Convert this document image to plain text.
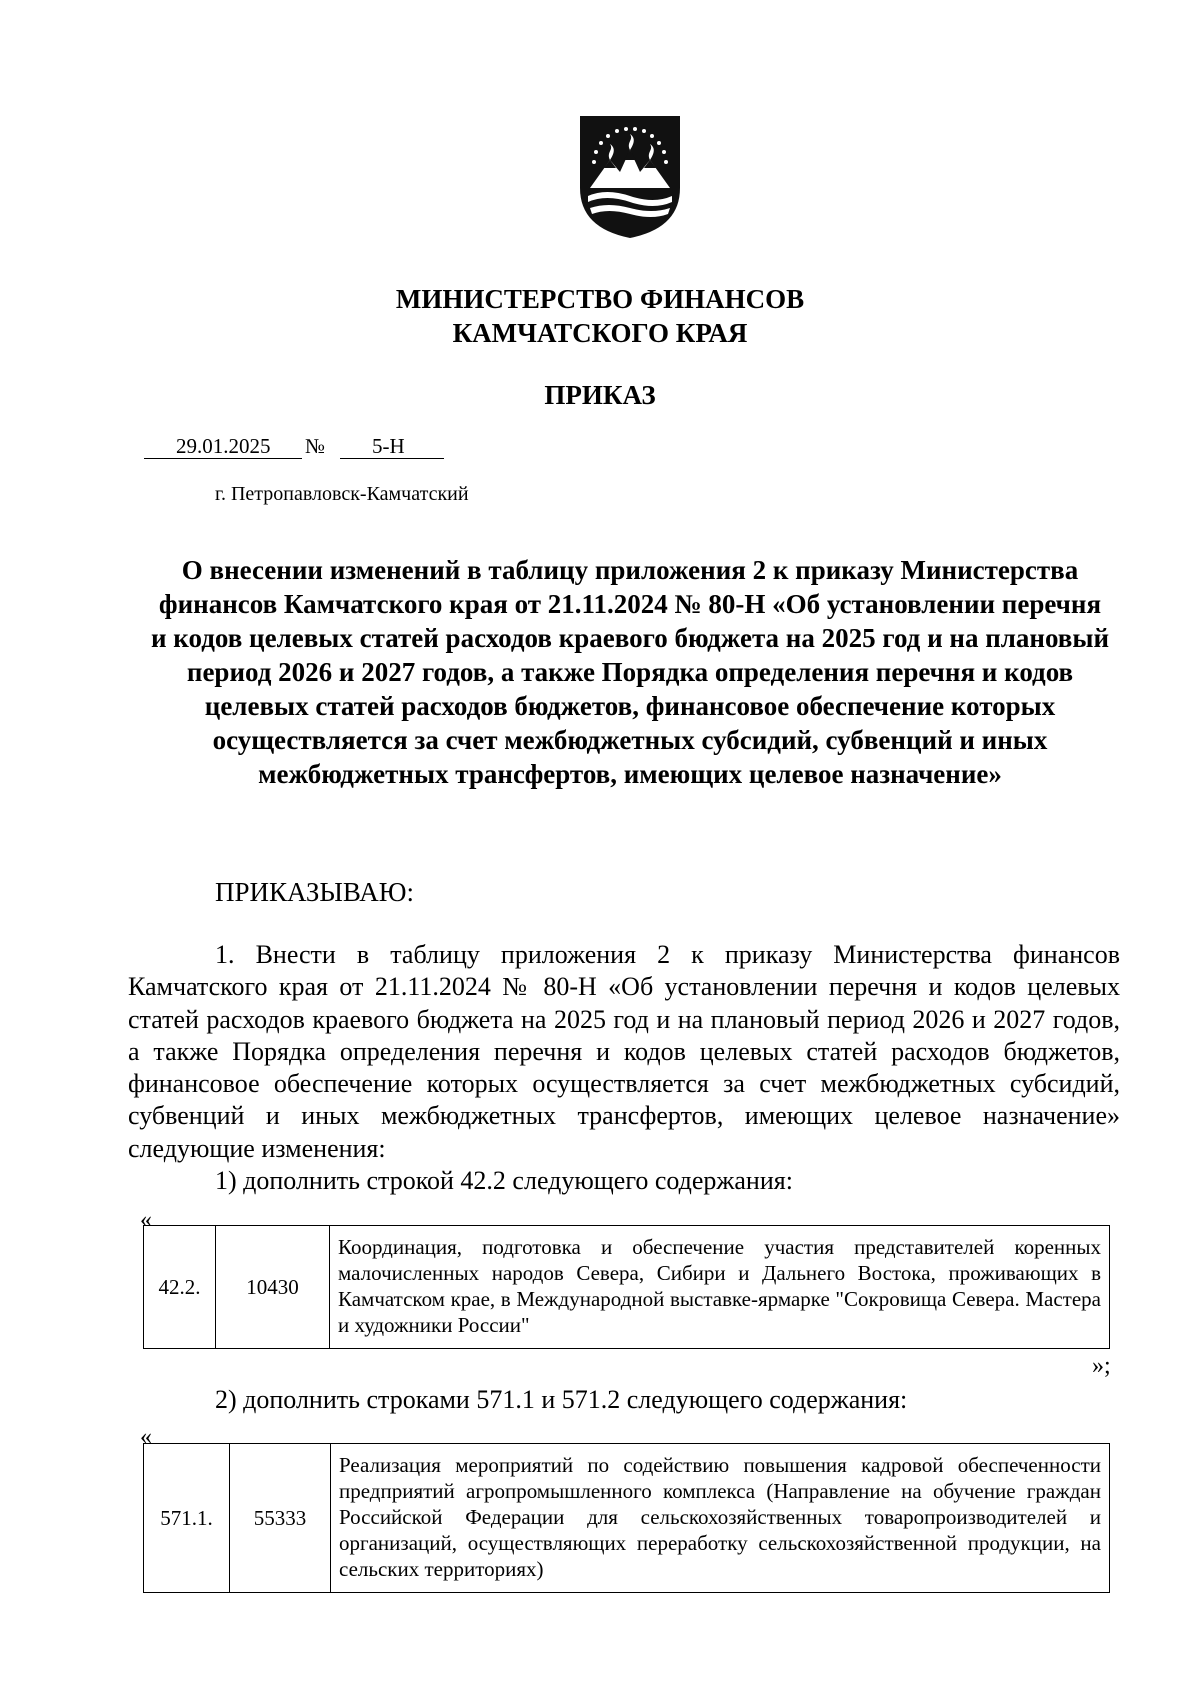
МИНИСТЕРСТВО ФИНАНСОВ
КАМЧАТСКОГО КРАЯ
ПРИКАЗ
29.01.2025 № 5-Н
г. Петропавловск-Камчатский

О внесении изменений в таблицу приложения 2 к приказу Министерства финансов Камчатского края от 21.11.2024 № 80-Н «Об установлении перечня и кодов целевых статей расходов краевого бюджета на 2025 год и на плановый период 2026 и 2027 годов, а также Порядка определения перечня и кодов целевых статей расходов бюджетов, финансовое обеспечение которых осуществляется за счет межбюджетных субсидий, субвенций и иных межбюджетных трансфертов, имеющих целевое назначение»

ПРИКАЗЫВАЮ:

1. Внести в таблицу приложения 2 к приказу Министерства финансов Камчатского края от 21.11.2024 № 80-Н «Об установлении перечня и кодов целевых статей расходов краевого бюджета на 2025 год и на плановый период 2026 и 2027 годов, а также Порядка определения перечня и кодов целевых статей расходов бюджетов, финансовое обеспечение которых осуществляется за счет межбюджетных субсидий, субвенций и иных межбюджетных трансфертов, имеющих целевое назначение» следующие изменения:

1) дополнить строкой 42.2 следующего содержания:
«
42.2.	10430	Координация, подготовка и обеспечение участия представителей коренных малочисленных народов Севера, Сибири и Дальнего Востока, проживающих в Камчатском крае, в Международной выставке-ярмарке "Сокровища Севера. Мастера и художники России"
»;
2) дополнить строками 571.1 и 571.2 следующего содержания:
«
571.1.	55333	Реализация мероприятий по содействию повышения кадровой обеспеченности предприятий агропромышленного комплекса (Направление на обучение граждан Российской Федерации для сельскохозяйственных товаропроизводителей и организаций, осуществляющих переработку сельскохозяйственной продукции, на сельских территориях)
